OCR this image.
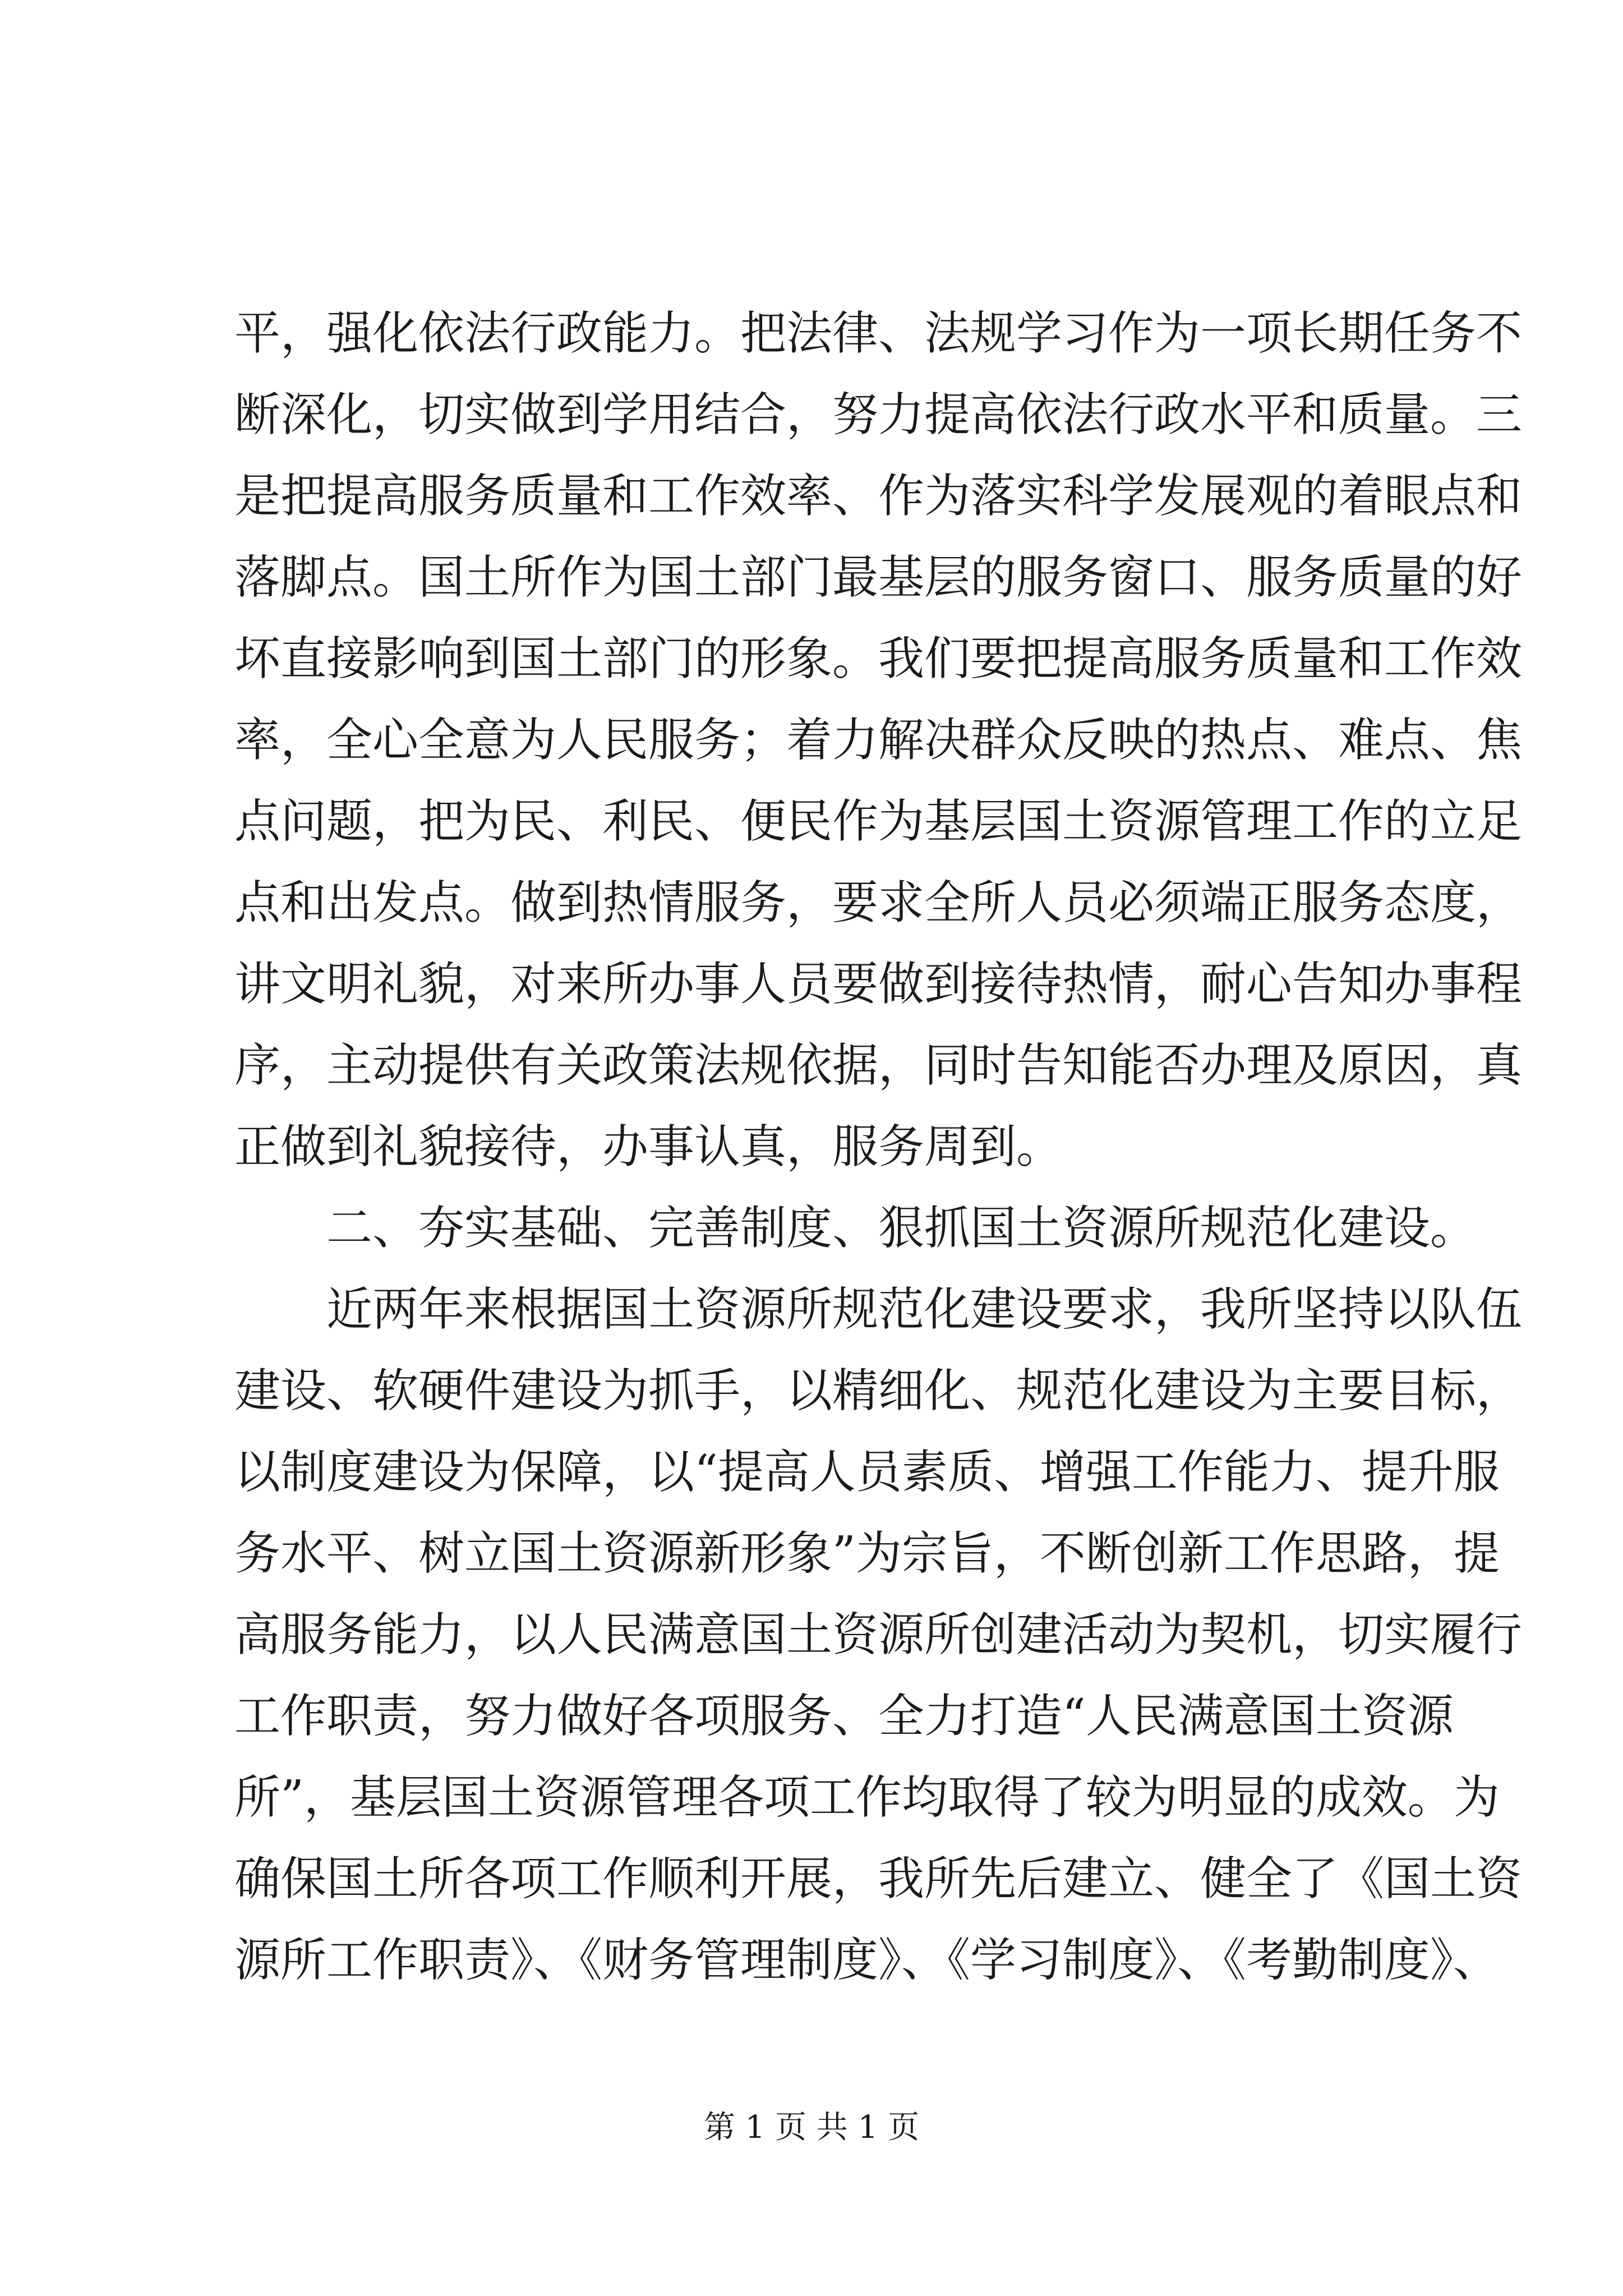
平，强化依法行政能力。把法律、法规学习作为一项长期任务不

断深化，切实做到学用结合，努力提高依法行政水平和质量。三

是把提高服务质量和工作效率、作为落实科学发展观的着眼点和

落脚点。国土所作为国土部门最基层的服务窗口、服务质量的好

坏直接影响到国土部门的形象。我们要把提高服务质量和工作效

率，全心全意为人民服务；着力解决群众反映的热点、难点、焦

点问题，把为民、利民、便民作为基层国土资源管理工作的立足

点和出发点。做到热情服务，要求全所人员必须端正服务态度，

讲文明礼貌，对来所办事人员要做到接待热情，耐心告知办事程

序，主动提供有关政策法规依据，同时告知能否办理及原因，真

正做到礼貌接待，办事认真，服务周到。

二、夯实基础、完善制度、狠抓国土资源所规范化建设。

近两年来根据国土资源所规范化建设要求，我所坚持以队伍

建设、软硬件建设为抓手，以精细化、规范化建设为主要目标，

以制度建设为保障，以“提高人员素质、增强工作能力、提升服

务水平、树立国土资源新形象”为宗旨，不断创新工作思路，提

高服务能力，以人民满意国土资源所创建活动为契机，切实履行

工作职责，努力做好各项服务、全力打造“人民满意国土资源

所”，基层国土资源管理各项工作均取得了较为明显的成效。为

确保国土所各项工作顺利开展，我所先后建立、健全了《国土资

源所工作职责》、《财务管理制度》、《学习制度》、《考勤制度》、

第 1 页 共 1 页
